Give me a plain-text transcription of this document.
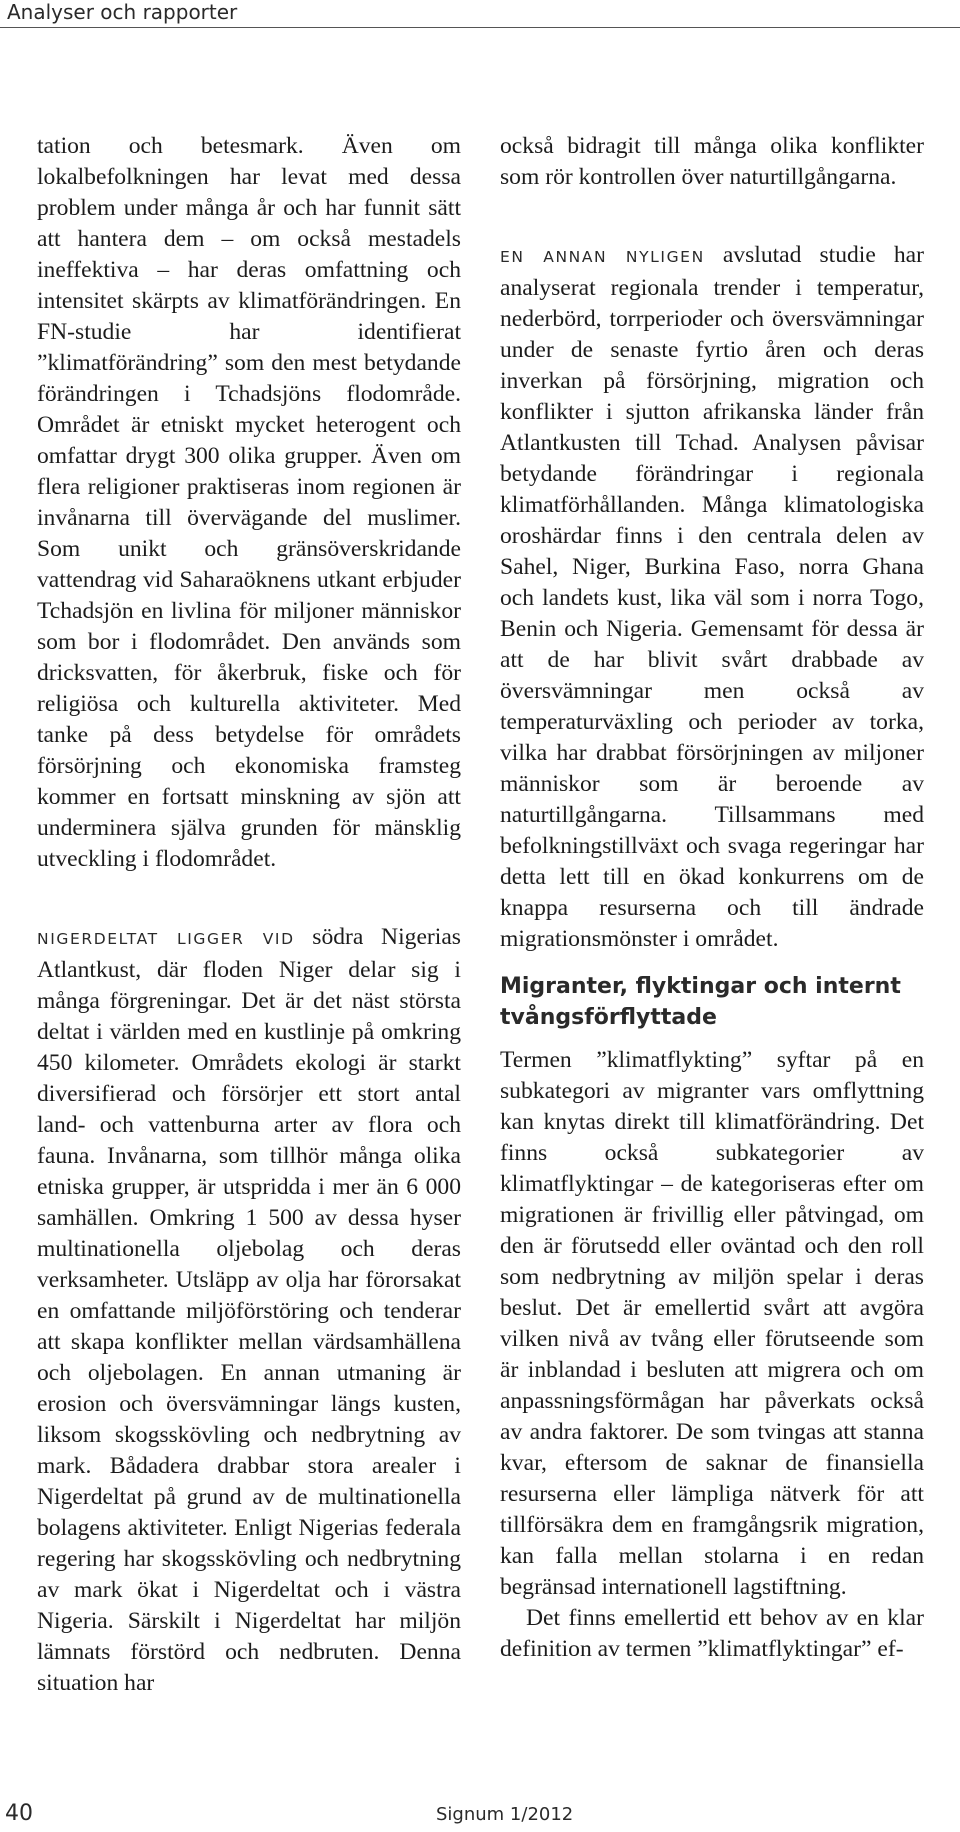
Analyser och rapporter

tation och betesmark. Även om lokalbefolkningen har levat med dessa problem under många år och har funnit sätt att hantera dem – om också mestadels ineffektiva – har deras omfattning och intensitet skärpts av klimatförändringen. En FN-studie har identifierat ”klimatförändring” som den mest betydande förändringen i Tchadsjöns flodområde. Området är etniskt mycket heterogent och omfattar drygt 300 olika grupper. Även om flera religioner praktiseras inom regionen är invånarna till övervägande del muslimer. Som unikt och gränsöverskridande vattendrag vid Saharaöknens utkant erbjuder Tchadsjön en livlina för miljoner människor som bor i flodområdet. Den används som dricksvatten, för åkerbruk, fiske och för religiösa och kulturella aktiviteter. Med tanke på dess betydelse för områdets försörjning och ekonomiska framsteg kommer en fortsatt minskning av sjön att underminera själva grunden för mänsklig utveckling i flodområdet.

NIGERDELTAT LIGGER VID södra Nigerias Atlantkust, där floden Niger delar sig i många förgreningar. Det är det näst största deltat i världen med en kustlinje på omkring 450 kilometer. Områdets ekologi är starkt diversifierad och försörjer ett stort antal land- och vattenburna arter av flora och fauna. Invånarna, som tillhör många olika etniska grupper, är utspridda i mer än 6 000 samhällen. Omkring 1 500 av dessa hyser multinationella oljebolag och deras verksamheter. Utsläpp av olja har förorsakat en omfattande miljöförstöring och tenderar att skapa konflikter mellan värdsamhällena och oljebolagen. En annan utmaning är erosion och översvämningar längs kusten, liksom skogsskövling och nedbrytning av mark. Bådadera drabbar stora arealer i Nigerdeltat på grund av de multinationella bolagens aktiviteter. Enligt Nigerias federala regering har skogsskövling och nedbrytning av mark ökat i Nigerdeltat och i västra Nigeria. Särskilt i Nigerdeltat har miljön lämnats förstörd och nedbruten. Denna situation har

också bidragit till många olika konflikter som rör kontrollen över naturtillgångarna.

EN ANNAN NYLIGEN avslutad studie har analyserat regionala trender i temperatur, nederbörd, torrperioder och översvämningar under de senaste fyrtio åren och deras inverkan på försörjning, migration och konflikter i sjutton afrikanska länder från Atlantkusten till Tchad. Analysen påvisar betydande förändringar i regionala klimatförhållanden. Många klimatologiska oroshärdar finns i den centrala delen av Sahel, Niger, Burkina Faso, norra Ghana och landets kust, lika väl som i norra Togo, Benin och Nigeria. Gemensamt för dessa är att de har blivit svårt drabbade av översvämningar men också av temperaturväxling och perioder av torka, vilka har drabbat försörjningen av miljoner människor som är beroende av naturtillgångarna. Tillsammans med befolkningstillväxt och svaga regeringar har detta lett till en ökad konkurrens om de knappa resurserna och till ändrade migrationsmönster i området.

Migranter, flyktingar och internt tvångsförflyttade

Termen ”klimatflykting” syftar på en subkategori av migranter vars omflyttning kan knytas direkt till klimatförändring. Det finns också subkategorier av klimatflyktingar – de kategoriseras efter om migrationen är frivillig eller påtvingad, om den är förutsedd eller oväntad och den roll som nedbrytning av miljön spelar i deras beslut. Det är emellertid svårt att avgöra vilken nivå av tvång eller förutseende som är inblandad i besluten att migrera och om anpassningsförmågan har påverkats också av andra faktorer. De som tvingas att stanna kvar, eftersom de saknar de finansiella resurserna eller lämpliga nätverk för att tillförsäkra dem en framgångsrik migration, kan falla mellan stolarna i en redan begränsad internationell lagstiftning.

Det finns emellertid ett behov av en klar definition av termen ”klimatflyktingar” ef-

40	Signum 1/2012
